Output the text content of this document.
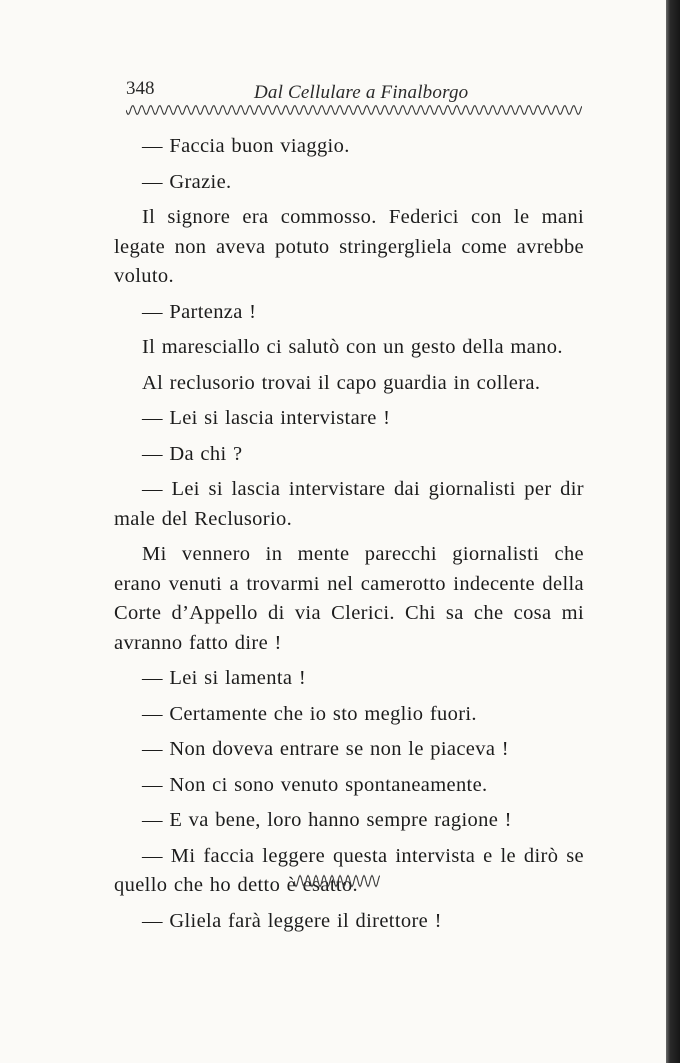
348	Dal Cellulare a Finalborgo

— Faccia buon viaggio.

— Grazie.

Il signore era commosso. Federici con le mani legate non aveva potuto stringergliela come avrebbe voluto.

— Partenza !

Il maresciallo ci salutò con un gesto della mano.

Al reclusorio trovai il capo guardia in collera.

— Lei si lascia intervistare !

— Da chi ?

— Lei si lascia intervistare dai giornalisti per dir male del Reclusorio.

Mi vennero in mente parecchi giornalisti che erano venuti a trovarmi nel camerotto indecente della Corte d’Appello di via Clerici. Chi sa che cosa mi avranno fatto dire !

— Lei si lamenta !

— Certamente che io sto meglio fuori.

— Non doveva entrare se non le piaceva !

— Non ci sono venuto spontaneamente.

— E va bene, loro hanno sempre ragione !

— Mi faccia leggere questa intervista e le dirò se quello che ho detto è esatto.

— Gliela farà leggere il direttore !
